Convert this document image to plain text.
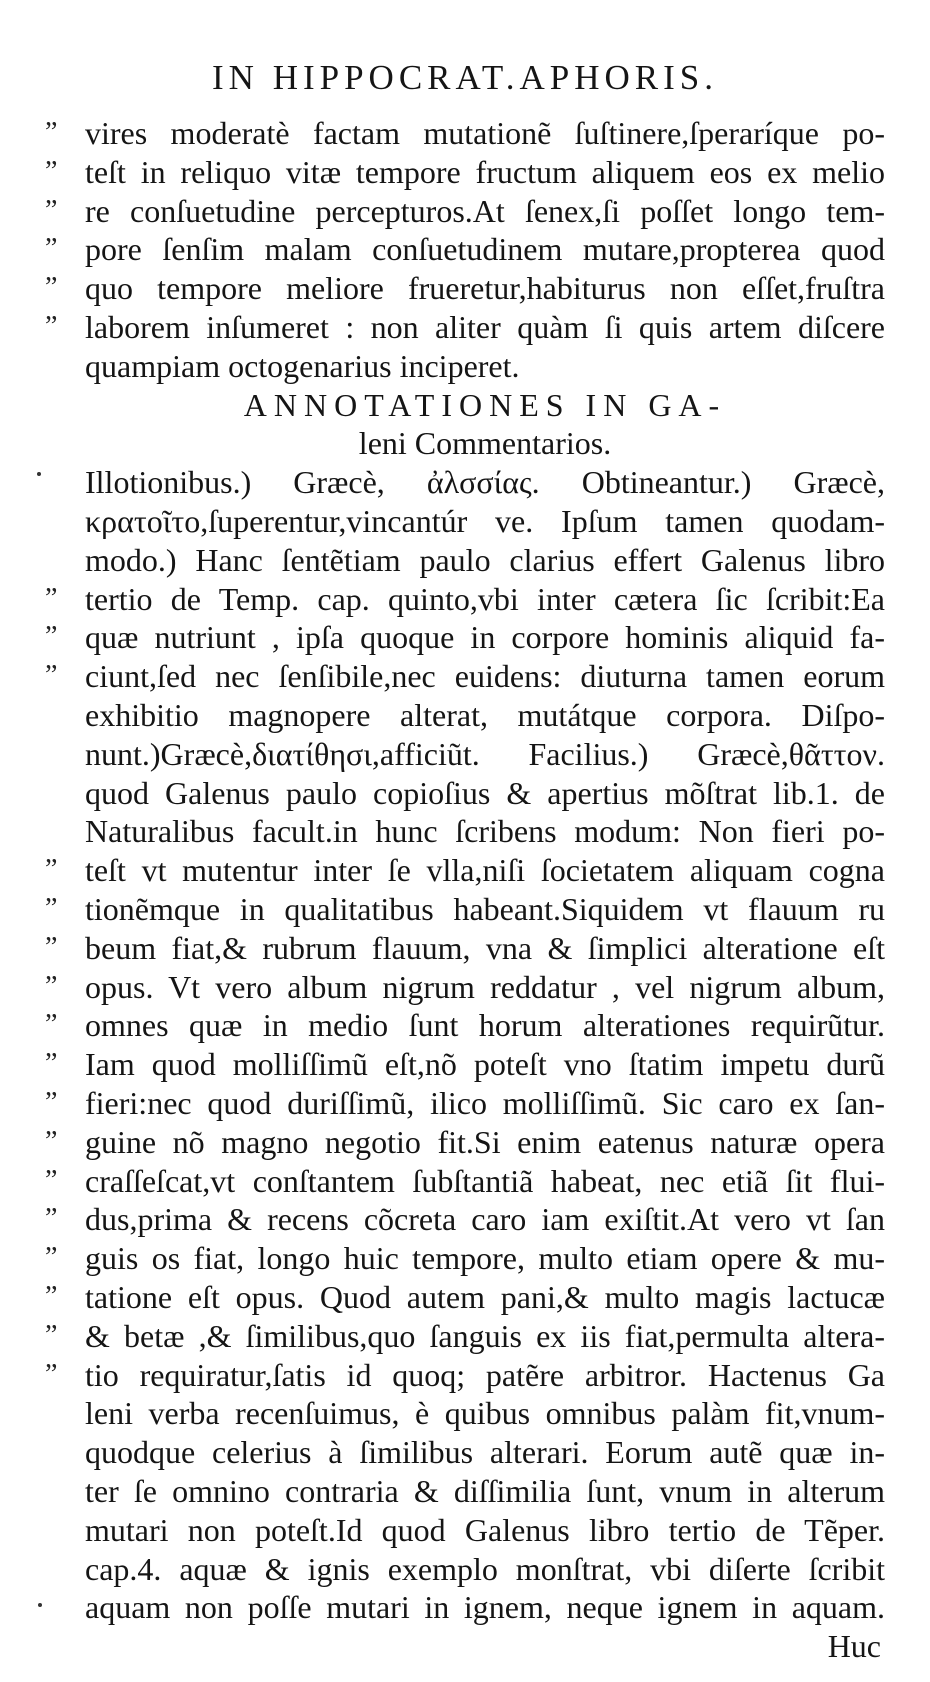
IN HIPPOCRAT.APHORIS.
” vires moderatè factam mutationẽ ſuſtinere,ſperaríque po-
” teſt in reliquo vitæ tempore fructum aliquem eos ex melio
” re conſuetudine percepturos.At ſenex,ſi poſſet longo tem-
” pore ſenſim malam conſuetudinem mutare,propterea quod
” quo tempore meliore frueretur,habiturus non eſſet,fruſtra
” laborem inſumeret : non aliter quàm ſi quis artem diſcere
quampiam octogenarius inciperet.
ANNOTATIONES IN GA-
leni Commentarios.
Illotionibus.) Græcè, ἀλσσίας. Obtineantur.) Græcè,
κρατοῖτο,ſuperentur,vincantúr ve. Ipſum tamen quodam-
modo.) Hanc ſentẽtiam paulo clarius effert Galenus libro
” tertio de Temp. cap. quinto,vbi inter cætera ſic ſcribit:Ea
” quæ nutriunt , ipſa quoque in corpore hominis aliquid fa-
” ciunt,ſed nec ſenſibile,nec euidens: diuturna tamen eorum
exhibitio magnopere alterat, mutátque corpora. Diſpo-
nunt.)Græcè,διατίθησι,afficiũt. Facilius.) Græcè,θᾶττον.
quod Galenus paulo copioſius & apertius mõſtrat lib.1. de
Naturalibus facult.in hunc ſcribens modum: Non fieri po-
” teſt vt mutentur inter ſe vlla,niſi ſocietatem aliquam cogna
” tionẽmque in qualitatibus habeant.Siquidem vt flauum ru
” beum fiat,& rubrum flauum, vna & ſimplici alteratione eſt
” opus. Vt vero album nigrum reddatur , vel nigrum album,
” omnes quæ in medio ſunt horum alterationes requirũtur.
” Iam quod molliſſimũ eſt,nõ poteſt vno ſtatim impetu durũ
” fieri:nec quod duriſſimũ, ilico molliſſimũ. Sic caro ex ſan-
” guine nõ magno negotio fit.Si enim eatenus naturæ opera
” craſſeſcat,vt conſtantem ſubſtantiã habeat, nec etiã ſit flui-
” dus,prima & recens cõcreta caro iam exiſtit.At vero vt ſan
” guis os fiat, longo huic tempore, multo etiam opere & mu-
” tatione eſt opus. Quod autem pani,& multo magis lactucæ
” & betæ ,& ſimilibus,quo ſanguis ex iis fiat,permulta altera-
” tio requiratur,ſatis id quoq; patẽre arbitror. Hactenus Ga
leni verba recenſuimus, è quibus omnibus palàm fit,vnum-
quodque celerius à ſimilibus alterari. Eorum autẽ quæ in-
ter ſe omnino contraria & diſſimilia ſunt, vnum in alterum
mutari non poteſt.Id quod Galenus libro tertio de Tẽper.
cap.4. aquæ & ignis exemplo monſtrat, vbi diſerte ſcribit
aquam non poſſe mutari in ignem, neque ignem in aquam.
Huc
